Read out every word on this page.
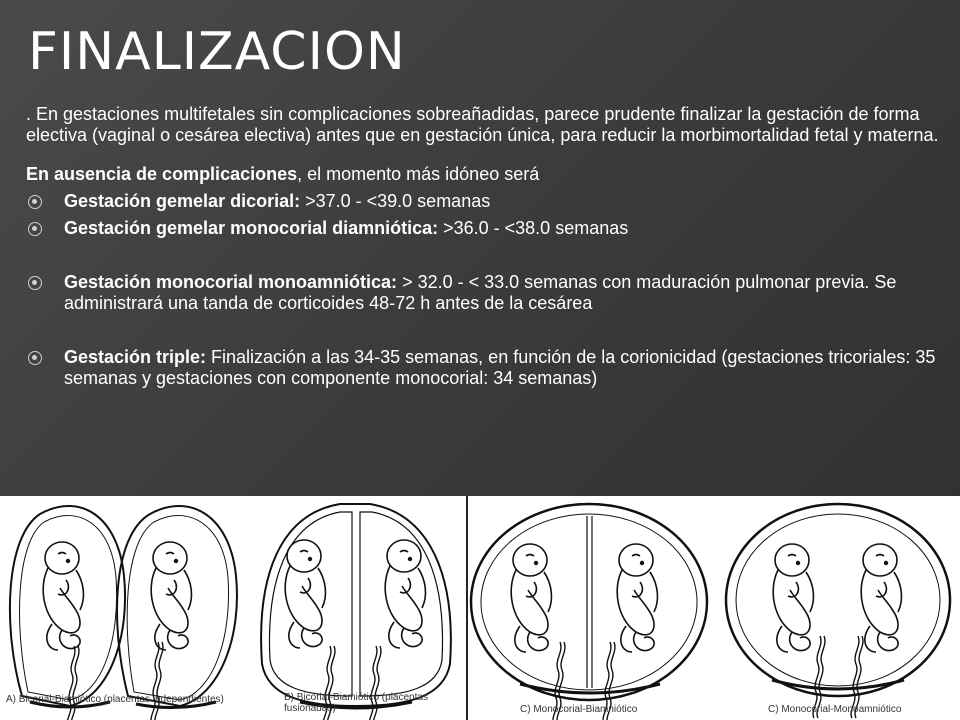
FINALIZACION

. En gestaciones multifetales sin complicaciones sobreañadidas, parece prudente finalizar la gestación de forma electiva (vaginal o cesárea electiva) antes que en gestación única, para reducir la morbimortalidad fetal y materna.

En ausencia de complicaciones, el momento más idóneo será

Gestación gemelar dicorial: >37.0 - <39.0 semanas

Gestación gemelar monocorial diamniótica: >36.0 - <38.0 semanas

Gestación monocorial monoamniótica: > 32.0 - < 33.0 semanas con maduración pulmonar previa. Se administrará una tanda de corticoides 48-72 h antes de la cesárea

Gestación triple: Finalización a las 34-35 semanas, en función de la corionicidad (gestaciones tricoriales: 35 semanas y gestaciones con componente monocorial: 34 semanas)

A) Bicorial-Biamiótico (placentas independientes)	B) Bicorial-Biamiótico (placentas fusionadas)	C) Monocorial-Biamniótico	C) Monocorial-Monoamniótico
